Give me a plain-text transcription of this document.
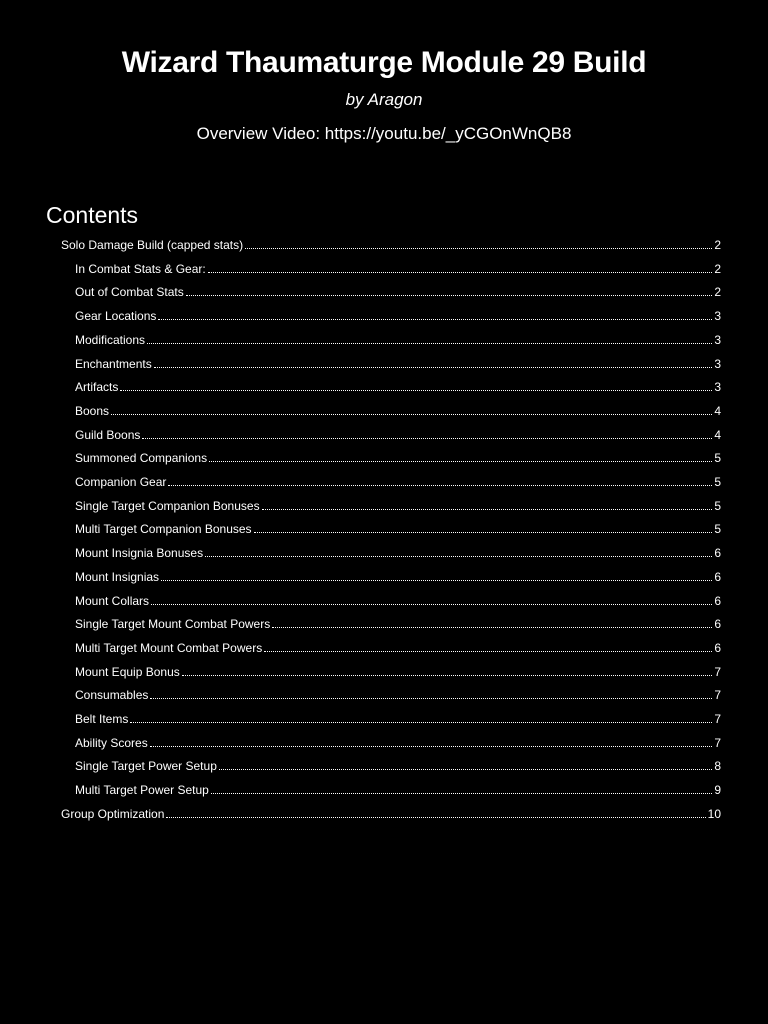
Wizard Thaumaturge Module 29 Build
by Aragon
Overview Video: https://youtu.be/_yCGOnWnQB8
Contents
Solo Damage Build (capped stats)	2
In Combat Stats & Gear:	2
Out of Combat Stats	2
Gear Locations	3
Modifications	3
Enchantments	3
Artifacts	3
Boons	4
Guild Boons	4
Summoned Companions	5
Companion Gear	5
Single Target Companion Bonuses	5
Multi Target Companion Bonuses	5
Mount Insignia Bonuses	6
Mount Insignias	6
Mount Collars	6
Single Target Mount Combat Powers	6
Multi Target Mount Combat Powers	6
Mount Equip Bonus	7
Consumables	7
Belt Items	7
Ability Scores	7
Single Target Power Setup	8
Multi Target Power Setup	9
Group Optimization	10
